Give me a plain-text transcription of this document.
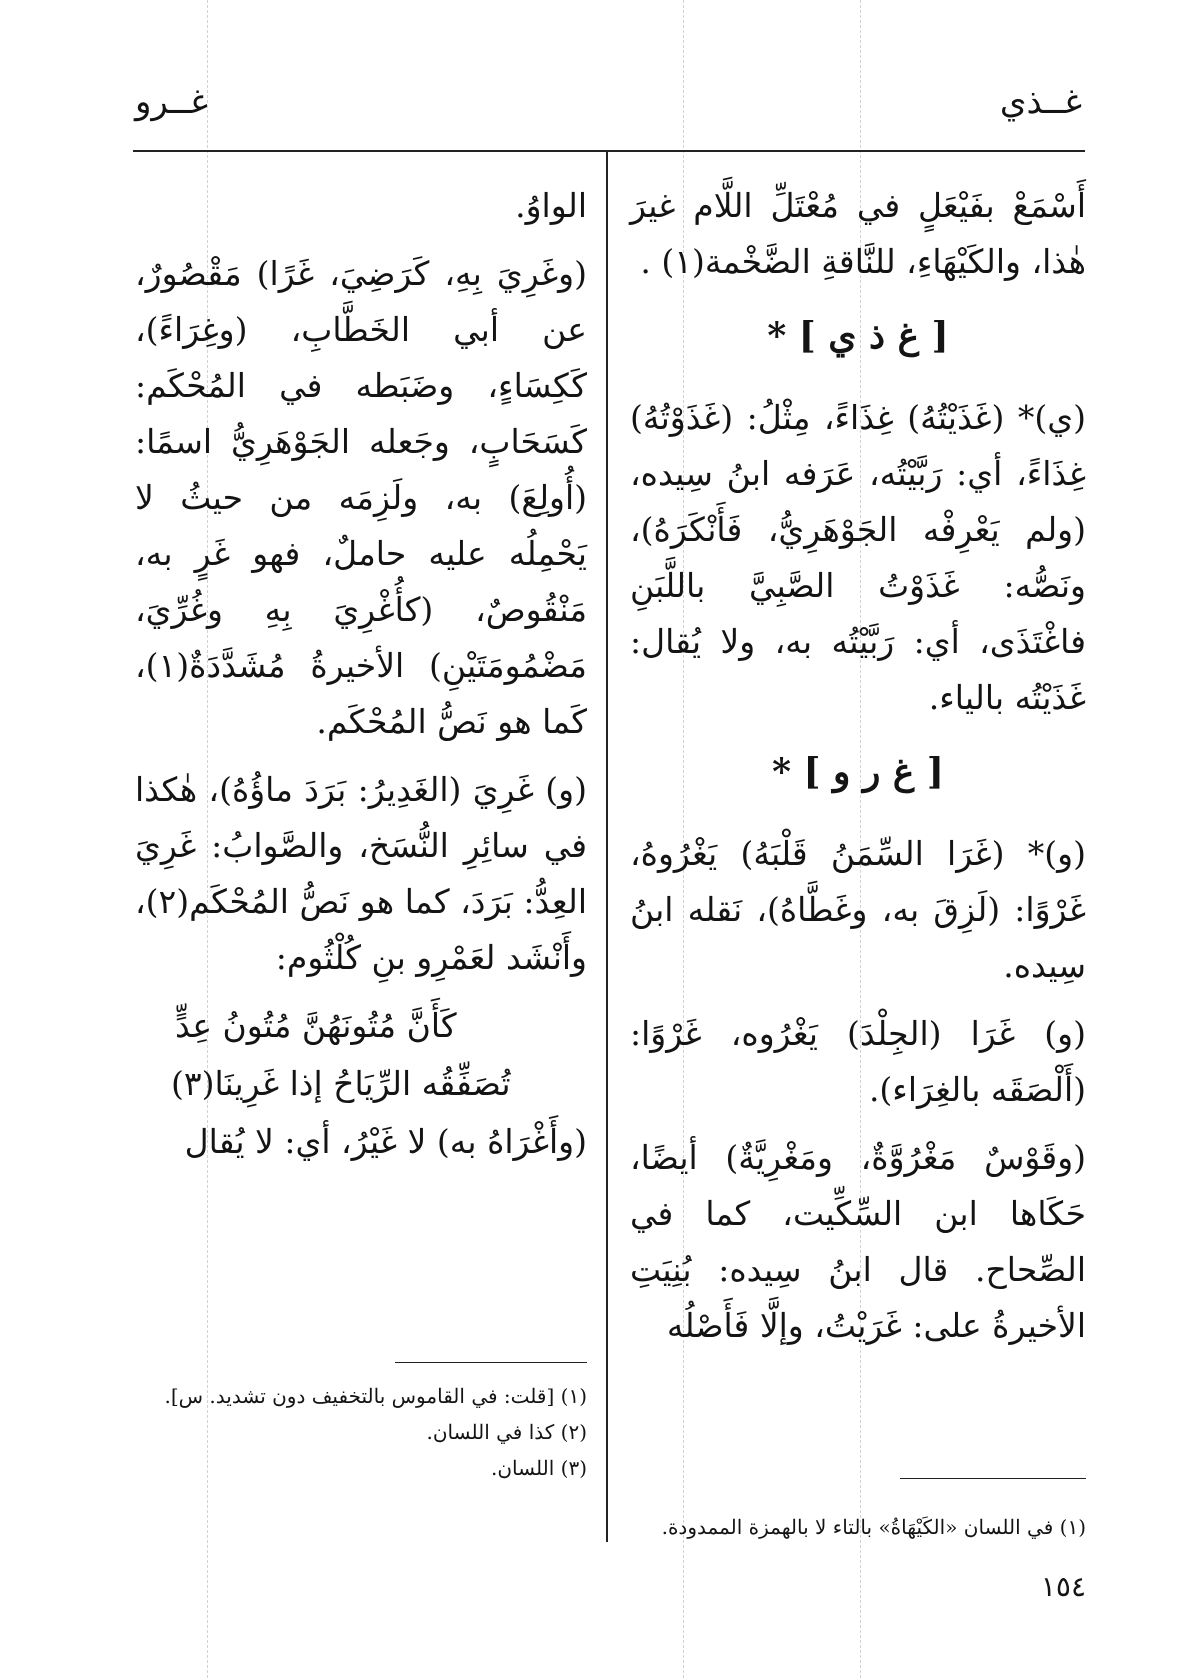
غــذي
غــرو

أَسْمَعْ بفَيْعَلٍ في مُعْتَلِّ اللَّام غيرَ هٰذا، والكَيْهَاءِ، للنَّاقةِ الضَّخْمة(١) .

[ غ ذ ي ] *

(ي)* (غَذَيْتُهُ) غِذَاءً، مِثْلُ: (غَذَوْتُهُ) غِذَاءً، أي: رَبَّيْتُه، عَرَفه ابنُ سِيده، (ولم يَعْرِفْه الجَوْهَرِيُّ، فَأَنْكَرَهُ)، ونَصُّه: غَذَوْتُ الصَّبِيَّ باللَّبَنِ فاغْتَذَى، أي: رَبَّيْتُه به، ولا يُقال: غَذَيْتُه بالياء.

[ غ ر و ] *

(و)* (غَرَا السِّمَنُ قَلْبَهُ) يَغْرُوهُ، غَرْوًا: (لَزِقَ به، وغَطَّاهُ)، نَقله ابنُ سِيده.

(و) غَرَا (الجِلْدَ) يَغْرُوه، غَرْوًا: (أَلْصَقَه بالغِرَاء).

(وقَوْسٌ مَغْرُوَّةٌ، ومَغْرِيَّةٌ) أيضًا، حَكَاها ابن السِّكِّيت، كما في الصِّحاح. قال ابنُ سِيده: بُنِيَتِ الأخيرةُ على: غَرَيْتُ، وإلَّا فَأَصْلُه

الواوُ.

(وغَرِيَ بِهِ، كَرَضِيَ، غَرًا) مَقْصُورٌ، عن أبي الخَطَّابِ، (وغِرَاءً)، كَكِسَاءٍ، وضَبَطه في المُحْكَم: كَسَحَابٍ، وجَعله الجَوْهَرِيُّ اسمًا: (أُولِعَ) به، ولَزِمَه من حيثُ لا يَحْمِلُه عليه حاملٌ، فهو غَرٍ به، مَنْقُوصٌ، (كأُغْرِيَ بِهِ وغُرِّيَ، مَضْمُومَتَيْنِ) الأخيرةُ مُشَدَّدَةٌ(١)، كَما هو نَصُّ المُحْكَم.

(و) غَرِيَ (الغَدِيرُ: بَرَدَ ماؤُهُ)، هٰكذا في سائِرِ النُّسَخ، والصَّوابُ: غَرِيَ العِدُّ: بَرَدَ، كما هو نَصُّ المُحْكَم(٢)، وأَنْشَد لعَمْرِو بنِ كُلْثُوم:

كَأَنَّ مُتُونَهُنَّ مُتُونُ عِدٍّ

تُصَفِّقُه الرِّيَاحُ إذا غَرِينَا(٣)

(وأَغْرَاهُ به) لا غَيْرُ، أي: لا يُقال

(١) في اللسان «الكَيْهَاةُ» بالتاء لا بالهمزة الممدودة.

(١) [قلت: في القاموس بالتخفيف دون تشديد. س].

(٢) كذا في اللسان.

(٣) اللسان.

١٥٤
